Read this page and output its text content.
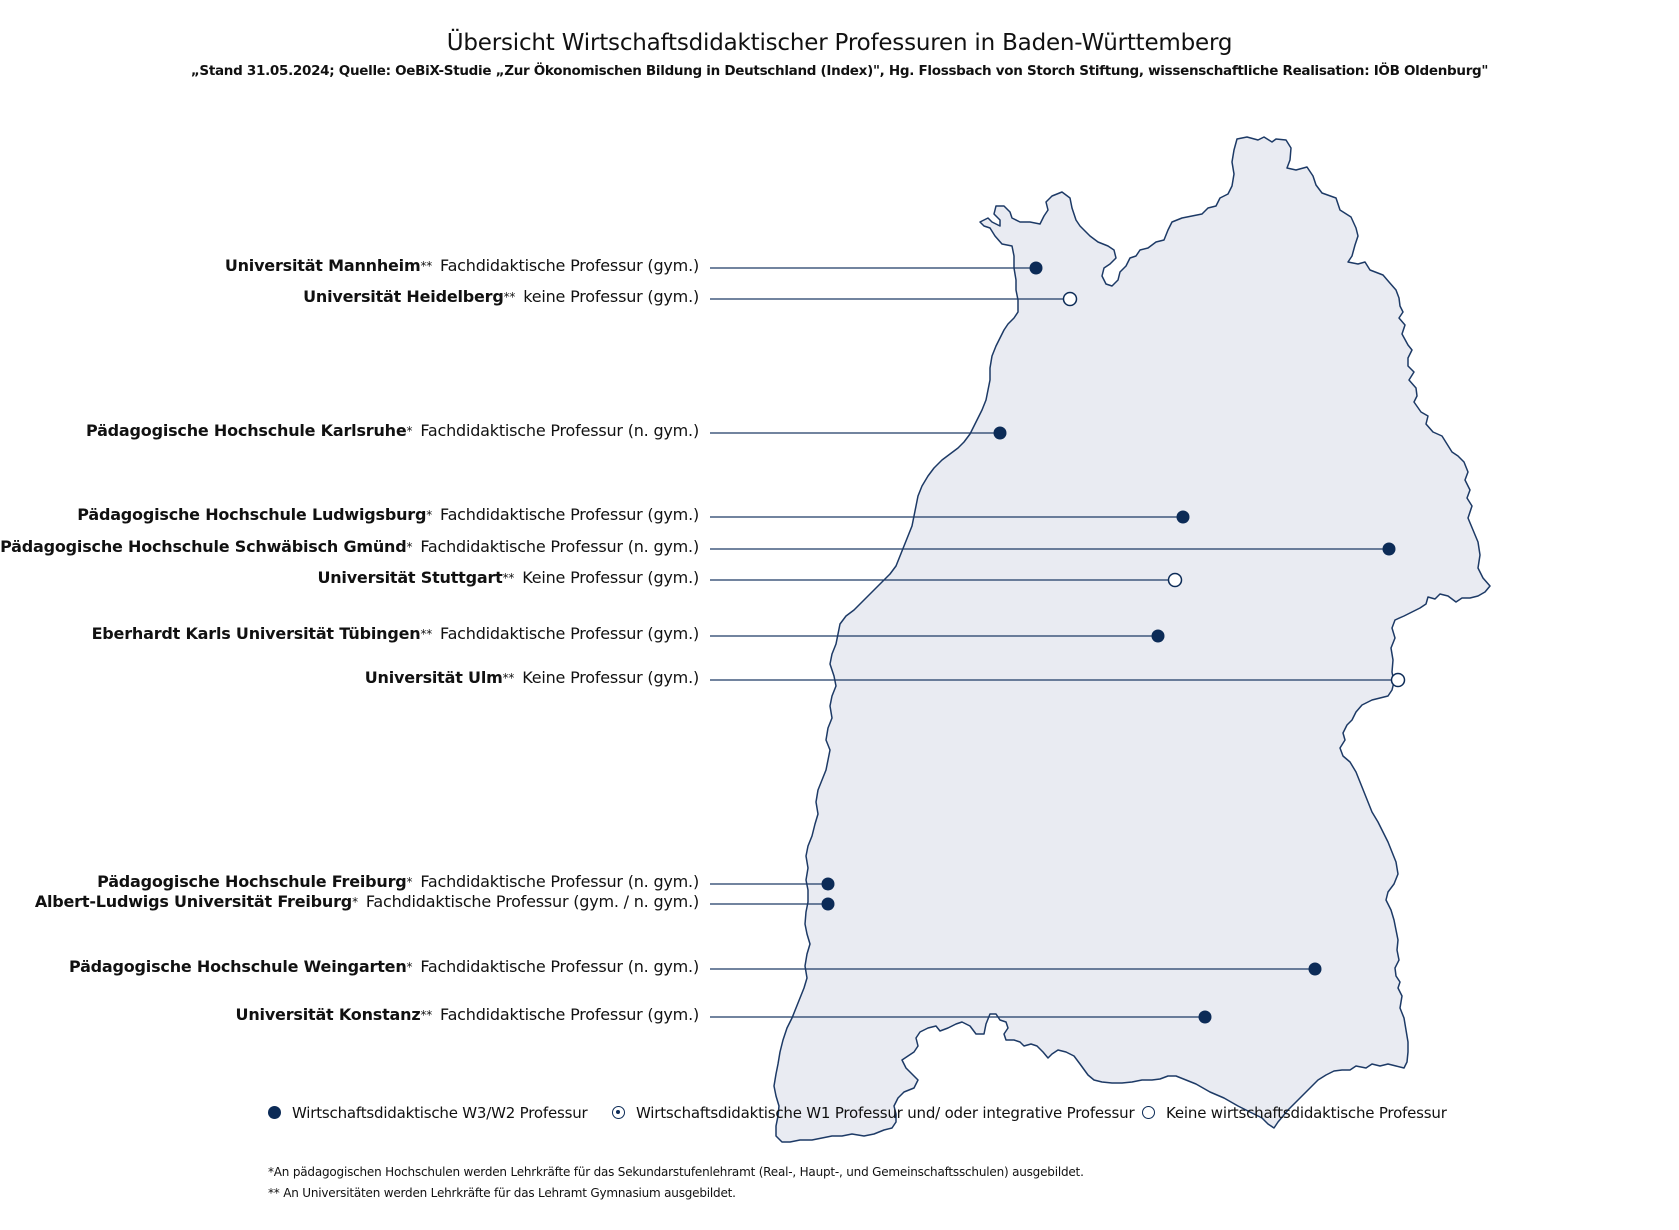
Übersicht Wirtschaftsdidaktischer Professuren in Baden-Württemberg
„Stand 31.05.2024; Quelle: OeBiX-Studie „Zur Ökonomischen Bildung in Deutschland (Index)", Hg. Flossbach von Storch Stiftung, wissenschaftliche Realisation: IÖB Oldenburg"
Universität Mannheim** Fachdidaktische Professur (gym.)
Universität Heidelberg** keine Professur (gym.)
Pädagogische Hochschule Karlsruhe* Fachdidaktische Professur (n. gym.)
Pädagogische Hochschule Ludwigsburg* Fachdidaktische Professur (gym.)
Pädagogische Hochschule Schwäbisch Gmünd* Fachdidaktische Professur (n. gym.)
Universität Stuttgart** Keine Professur (gym.)
Eberhardt Karls Universität Tübingen** Fachdidaktische Professur (gym.)
Universität Ulm** Keine Professur (gym.)
Pädagogische Hochschule Freiburg* Fachdidaktische Professur (n. gym.)
Albert-Ludwigs Universität Freiburg* Fachdidaktische Professur (gym. / n. gym.)
Pädagogische Hochschule Weingarten* Fachdidaktische Professur (n. gym.)
Universität Konstanz** Fachdidaktische Professur (gym.)
Wirtschaftsdidaktische W3/W2 Professur	Wirtschaftsdidaktische W1 Professur und/ oder integrative Professur	Keine wirtschaftsdidaktische Professur
*An pädagogischen Hochschulen werden Lehrkräfte für das Sekundarstufenlehramt (Real-, Haupt-, und Gemeinschaftsschulen) ausgebildet.
** An Universitäten werden Lehrkräfte für das Lehramt Gymnasium ausgebildet.
